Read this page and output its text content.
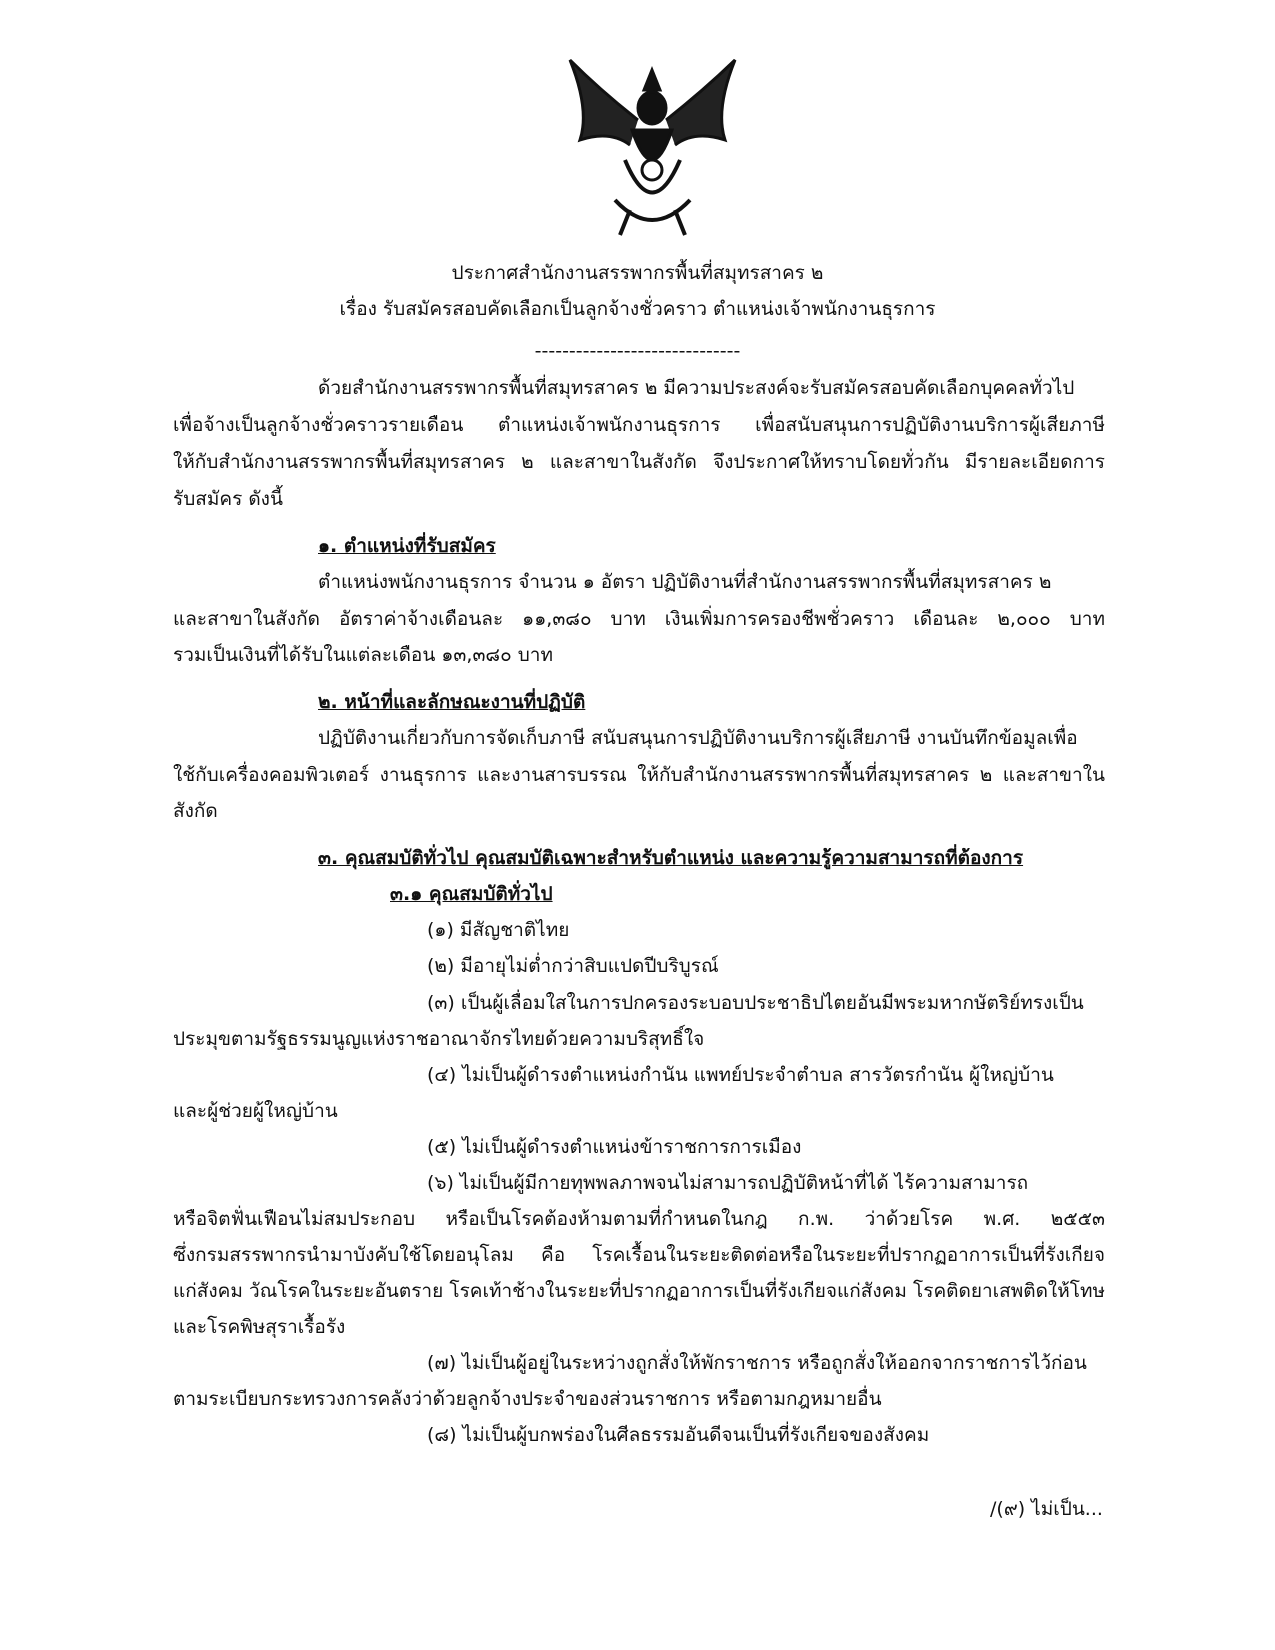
ประกาศสำนักงานสรรพากรพื้นที่สมุทรสาคร ๒
เรื่อง รับสมัครสอบคัดเลือกเป็นลูกจ้างชั่วคราว ตำแหน่งเจ้าพนักงานธุรการ
------------------------------
ด้วยสำนักงานสรรพากรพื้นที่สมุทรสาคร ๒ มีความประสงค์จะรับสมัครสอบคัดเลือกบุคคลทั่วไป
เพื่อจ้างเป็นลูกจ้างชั่วคราวรายเดือน ตำแหน่งเจ้าพนักงานธุรการ เพื่อสนับสนุนการปฏิบัติงานบริการผู้เสียภาษี
ให้กับสำนักงานสรรพากรพื้นที่สมุทรสาคร ๒ และสาขาในสังกัด จึงประกาศให้ทราบโดยทั่วกัน มีรายละเอียดการ
รับสมัคร ดังนี้
๑. ตำแหน่งที่รับสมัคร
ตำแหน่งพนักงานธุรการ จำนวน ๑ อัตรา ปฏิบัติงานที่สำนักงานสรรพากรพื้นที่สมุทรสาคร ๒
และสาขาในสังกัด อัตราค่าจ้างเดือนละ ๑๑,๓๘๐ บาท เงินเพิ่มการครองชีพชั่วคราว เดือนละ ๒,๐๐๐ บาท
รวมเป็นเงินที่ได้รับในแต่ละเดือน ๑๓,๓๘๐ บาท
๒. หน้าที่และลักษณะงานที่ปฏิบัติ
ปฏิบัติงานเกี่ยวกับการจัดเก็บภาษี สนับสนุนการปฏิบัติงานบริการผู้เสียภาษี งานบันทึกข้อมูลเพื่อ
ใช้กับเครื่องคอมพิวเตอร์ งานธุรการ และงานสารบรรณ ให้กับสำนักงานสรรพากรพื้นที่สมุทรสาคร ๒ และสาขาใน
สังกัด
๓. คุณสมบัติทั่วไป คุณสมบัติเฉพาะสำหรับตำแหน่ง และความรู้ความสามารถที่ต้องการ
๓.๑ คุณสมบัติทั่วไป
(๑) มีสัญชาติไทย
(๒) มีอายุไม่ต่ำกว่าสิบแปดปีบริบูรณ์
(๓) เป็นผู้เลื่อมใสในการปกครองระบอบประชาธิปไตยอันมีพระมหากษัตริย์ทรงเป็น
ประมุขตามรัฐธรรมนูญแห่งราชอาณาจักรไทยด้วยความบริสุทธิ์ใจ
(๔) ไม่เป็นผู้ดำรงตำแหน่งกำนัน แพทย์ประจำตำบล สารวัตรกำนัน ผู้ใหญ่บ้าน
และผู้ช่วยผู้ใหญ่บ้าน
(๕) ไม่เป็นผู้ดำรงตำแหน่งข้าราชการการเมือง
(๖) ไม่เป็นผู้มีกายทุพพลภาพจนไม่สามารถปฏิบัติหน้าที่ได้ ไร้ความสามารถ
หรือจิตฟั่นเฟือนไม่สมประกอบ หรือเป็นโรคต้องห้ามตามที่กำหนดในกฎ ก.พ. ว่าด้วยโรค พ.ศ. ๒๕๕๓
ซึ่งกรมสรรพากรนำมาบังคับใช้โดยอนุโลม คือ โรคเรื้อนในระยะติดต่อหรือในระยะที่ปรากฏอาการเป็นที่รังเกียจ
แก่สังคม วัณโรคในระยะอันตราย โรคเท้าช้างในระยะที่ปรากฏอาการเป็นที่รังเกียจแก่สังคม โรคติดยาเสพติดให้โทษ
และโรคพิษสุราเรื้อรัง
(๗) ไม่เป็นผู้อยู่ในระหว่างถูกสั่งให้พักราชการ หรือถูกสั่งให้ออกจากราชการไว้ก่อน
ตามระเบียบกระทรวงการคลังว่าด้วยลูกจ้างประจำของส่วนราชการ หรือตามกฎหมายอื่น
(๘) ไม่เป็นผู้บกพร่องในศีลธรรมอันดีจนเป็นที่รังเกียจของสังคม
/(๙) ไม่เป็น...
